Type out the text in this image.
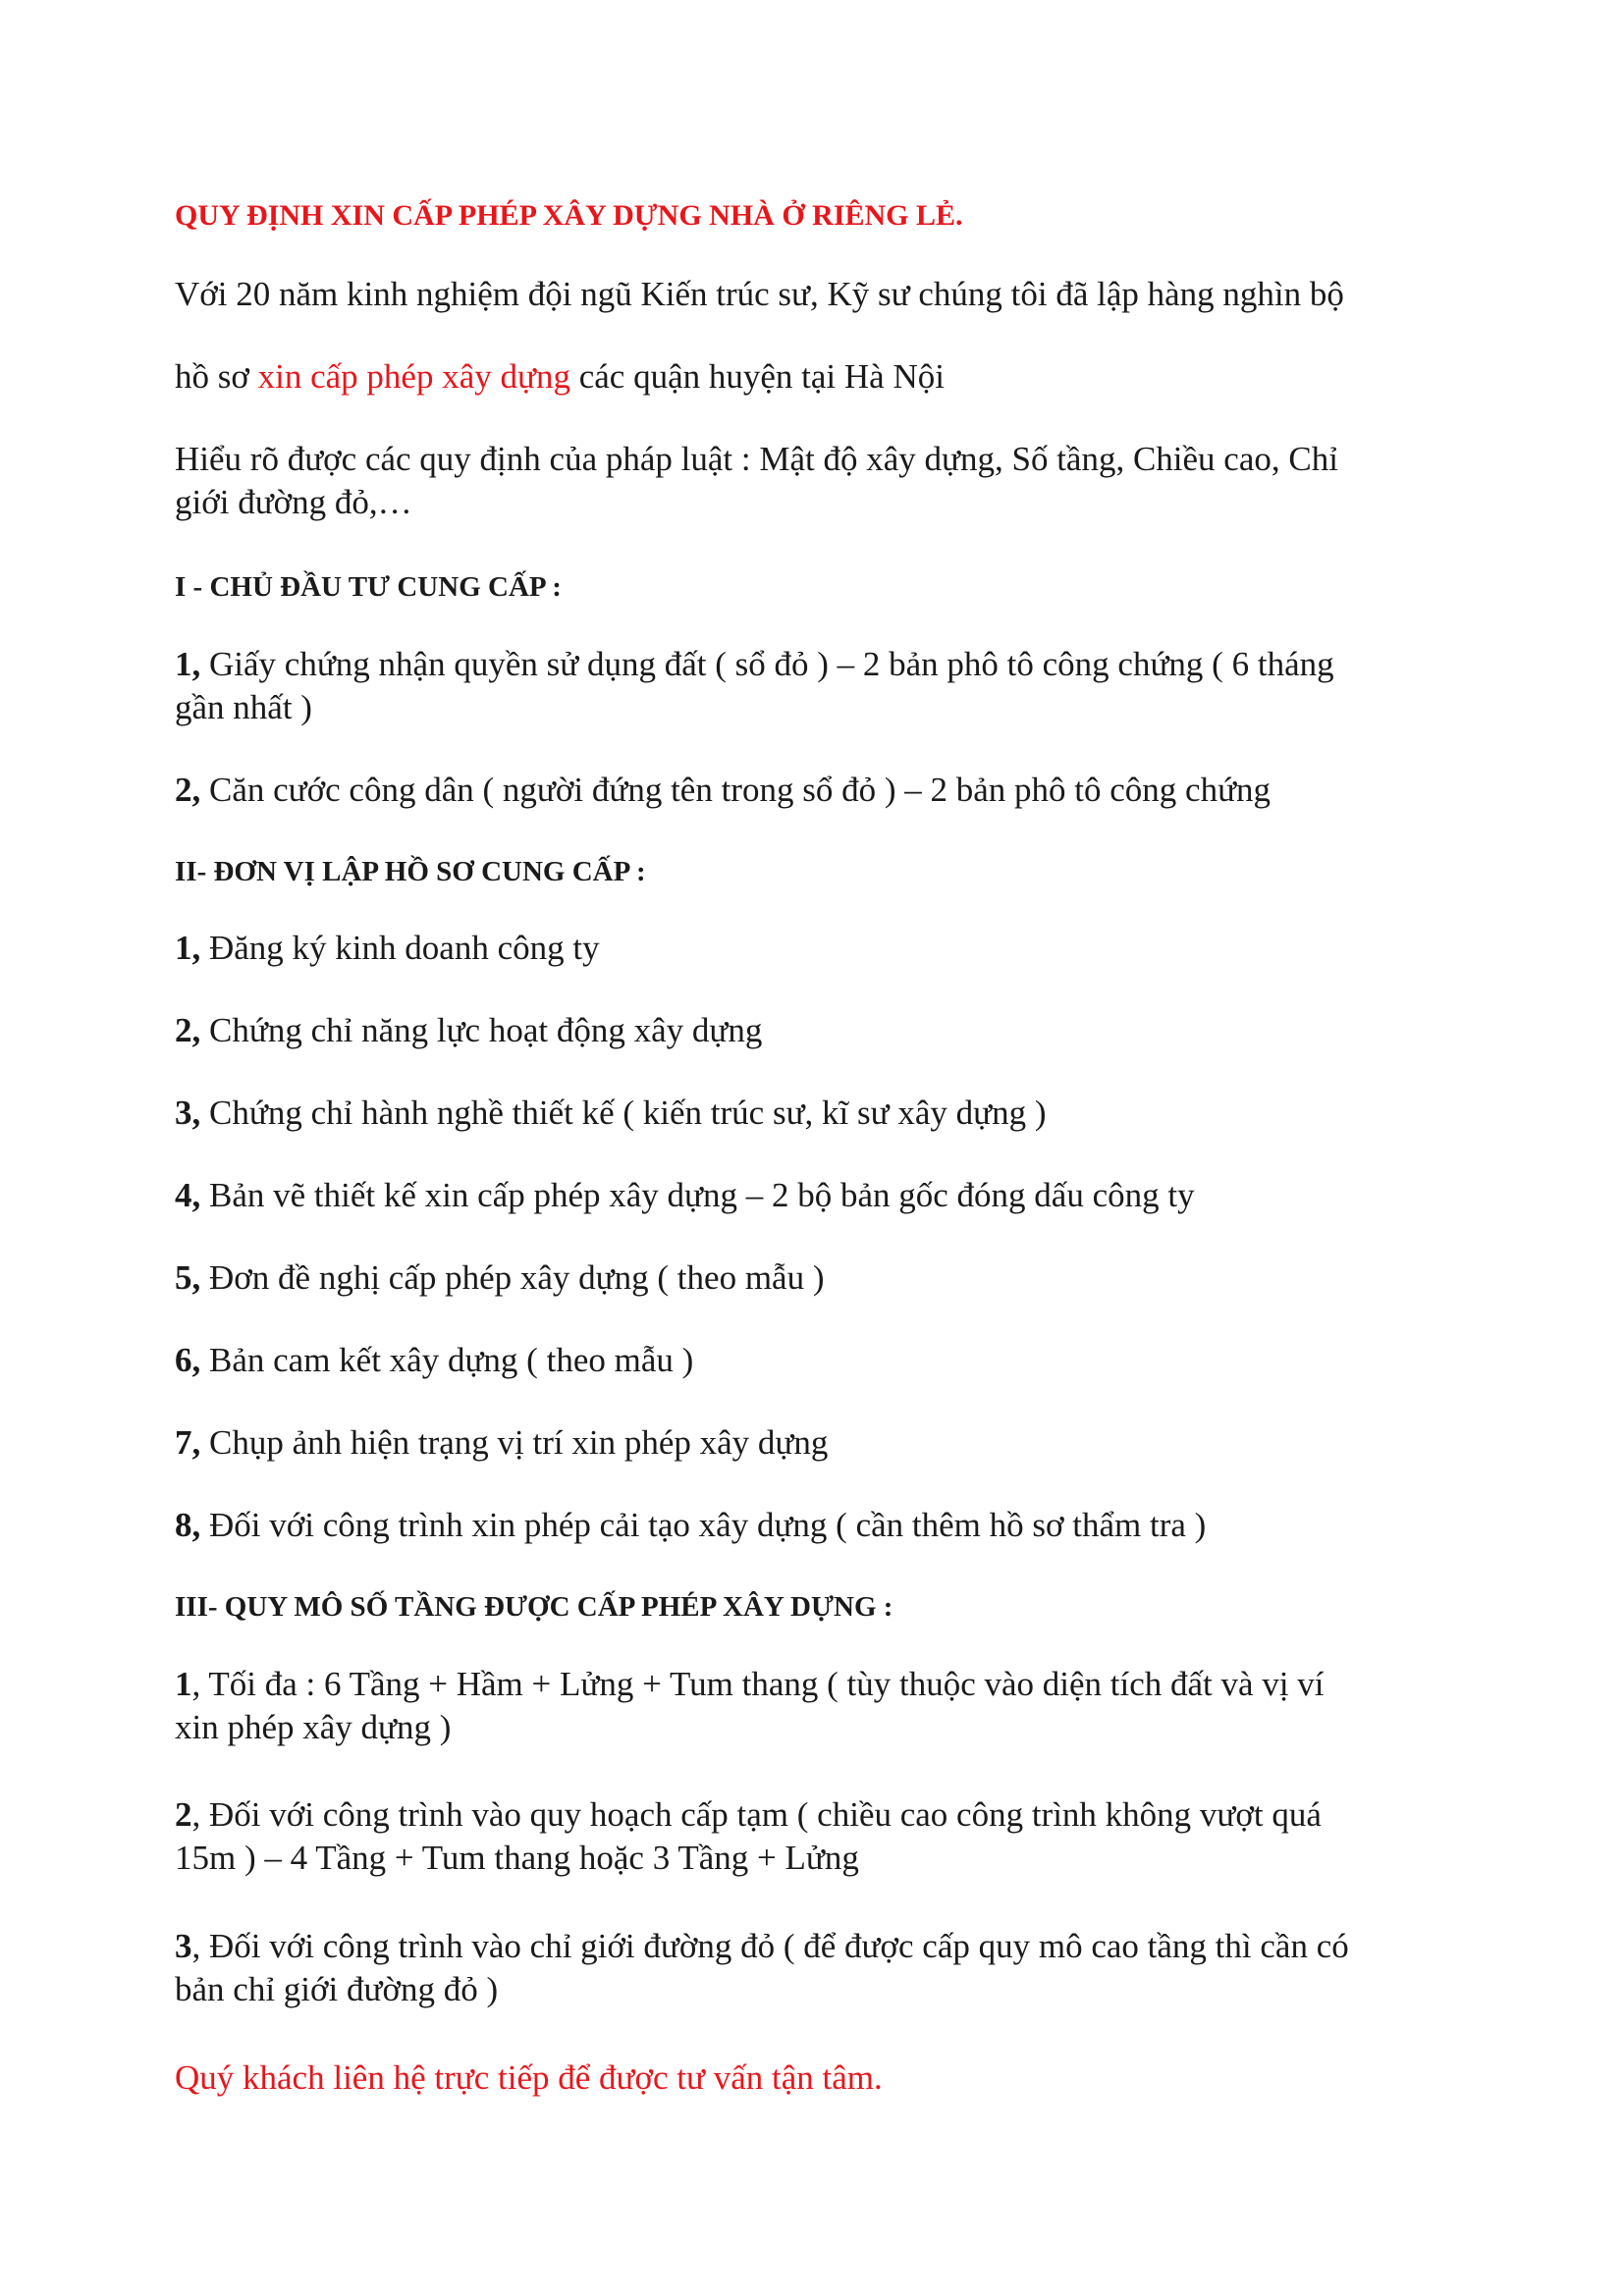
QUY ĐỊNH XIN CẤP PHÉP XÂY DỰNG NHÀ Ở RIÊNG LẺ.

Với 20 năm kinh nghiệm đội ngũ Kiến trúc sư, Kỹ sư chúng tôi đã lập hàng nghìn bộ

hồ sơ xin cấp phép xây dựng các quận huyện tại Hà Nội

Hiểu rõ được các quy định của pháp luật : Mật độ xây dựng, Số tầng, Chiều cao, Chỉ

giới đường đỏ,…

I - CHỦ ĐẦU TƯ CUNG CẤP :

1, Giấy chứng nhận quyền sử dụng đất ( sổ đỏ ) – 2 bản phô tô công chứng ( 6 tháng

gần nhất )

2, Căn cước công dân ( người đứng tên trong sổ đỏ ) – 2 bản phô tô công chứng

II- ĐƠN VỊ LẬP HỒ SƠ CUNG CẤP :

1, Đăng ký kinh doanh công ty

2, Chứng chỉ năng lực hoạt động xây dựng

3, Chứng chỉ hành nghề thiết kế ( kiến trúc sư, kĩ sư xây dựng )

4, Bản vẽ thiết kế xin cấp phép xây dựng – 2 bộ bản gốc đóng dấu công ty

5, Đơn đề nghị cấp phép xây dựng ( theo mẫu )

6, Bản cam kết xây dựng ( theo mẫu )

7, Chụp ảnh hiện trạng vị trí xin phép xây dựng

8, Đối với công trình xin phép cải tạo xây dựng ( cần thêm hồ sơ thẩm tra )

III- QUY MÔ SỐ TẦNG ĐƯỢC CẤP PHÉP XÂY DỰNG :

1, Tối đa : 6 Tầng + Hầm + Lửng + Tum thang ( tùy thuộc vào diện tích đất và vị ví

xin phép xây dựng )

2, Đối với công trình vào quy hoạch cấp tạm ( chiều cao công trình không vượt quá

15m ) – 4 Tầng + Tum thang hoặc 3 Tầng + Lửng

3, Đối với công trình vào chỉ giới đường đỏ ( để được cấp quy mô cao tầng thì cần có

bản chỉ giới đường đỏ )

Quý khách liên hệ trực tiếp để được tư vấn tận tâm.
